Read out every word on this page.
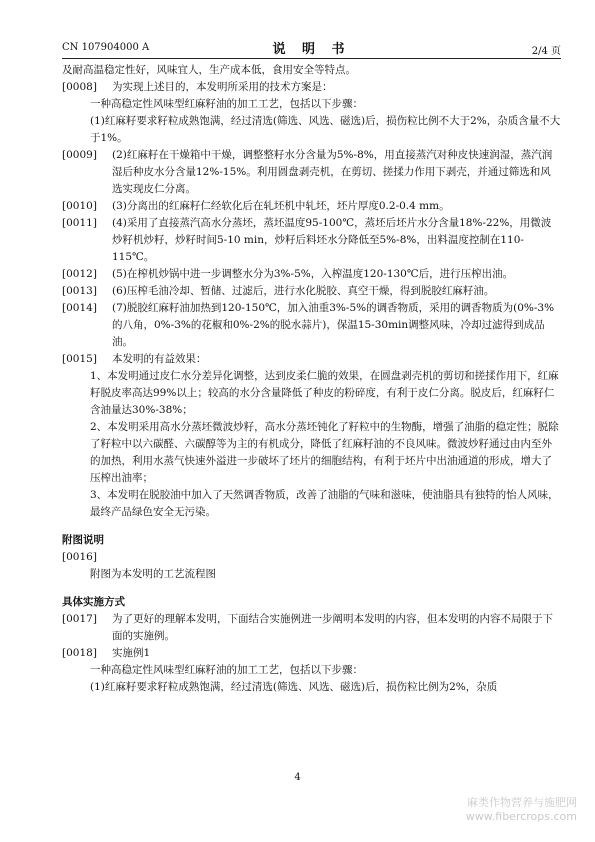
CN 107904000 A	说 明 书	2/4 页

及耐高温稳定性好，风味宜人，生产成本低，食用安全等特点。

[0008]	为实现上述目的，本发明所采用的技术方案是：

一种高稳定性风味型红麻籽油的加工工艺，包括以下步骤：

(1)红麻籽要求籽粒成熟饱满，经过清选(筛选、风选、磁选)后，损伤粒比例不大于2%，杂质含量不大于1%。

[0009]	(2)红麻籽在干燥箱中干燥，调整整籽水分含量为5%-8%，用直接蒸汽对种皮快速润湿，蒸汽润湿后种皮水分含量12%-15%。利用圆盘剥壳机，在剪切、搓揉力作用下剥壳，并通过筛选和风选实现皮仁分离。
[0010]	(3)分离出的红麻籽仁经软化后在轧坯机中轧坯，坯片厚度0.2-0.4 mm。
[0011]	(4)采用了直接蒸汽高水分蒸坯，蒸坯温度95-100℃，蒸坯后坯片水分含量18%-22%，用微波炒籽机炒籽，炒籽时间5-10 min，炒籽后料坯水分降低至5%-8%，出料温度控制在110-115℃。
[0012]	(5)在榨机炒锅中进一步调整水分为3%-5%，入榨温度120-130℃后，进行压榨出油。
[0013]	(6)压榨毛油冷却、暂储、过滤后，进行水化脱胶、真空干燥，得到脱胶红麻籽油。
[0014]	(7)脱胶红麻籽油加热到120-150℃，加入油重3%-5%的调香物质，采用的调香物质为(0%-3%的八角，0%-3%的花椒和0%-2%的脱水蒜片)，保温15-30min调整风味，冷却过滤得到成品油。
[0015]	本发明的有益效果：

1、本发明通过皮仁水分差异化调整，达到皮柔仁脆的效果，在圆盘剥壳机的剪切和搓揉作用下，红麻籽脱皮率高达99%以上；较高的水分含量降低了种皮的粉碎度，有利于皮仁分离。脱皮后，红麻籽仁含油量达30%-38%；

2、本发明采用高水分蒸坯微波炒籽，高水分蒸坯钝化了籽粒中的生物酶，增强了油脂的稳定性；脱除了籽粒中以六碳醛、六碳醇等为主的有机成分，降低了红麻籽油的不良风味。微波炒籽通过由内至外的加热，利用水蒸气快速外溢进一步破坏了坯片的细胞结构，有利于坯片中出油通道的形成，增大了压榨出油率；

3、本发明在脱胶油中加入了天然调香物质，改善了油脂的气味和滋味，使油脂具有独特的怡人风味，最终产品绿色安全无污染。

附图说明

[0016]

附图为本发明的工艺流程图

具体实施方式

[0017]	为了更好的理解本发明，下面结合实施例进一步阐明本发明的内容，但本发明的内容不局限于下面的实施例。
[0018]	实施例1

一种高稳定性风味型红麻籽油的加工工艺，包括以下步骤：

(1)红麻籽要求籽粒成熟饱满，经过清选(筛选、风选、磁选)后，损伤粒比例为2%，杂质

4
麻类作物营养与施肥网
www.fibercrops.com
